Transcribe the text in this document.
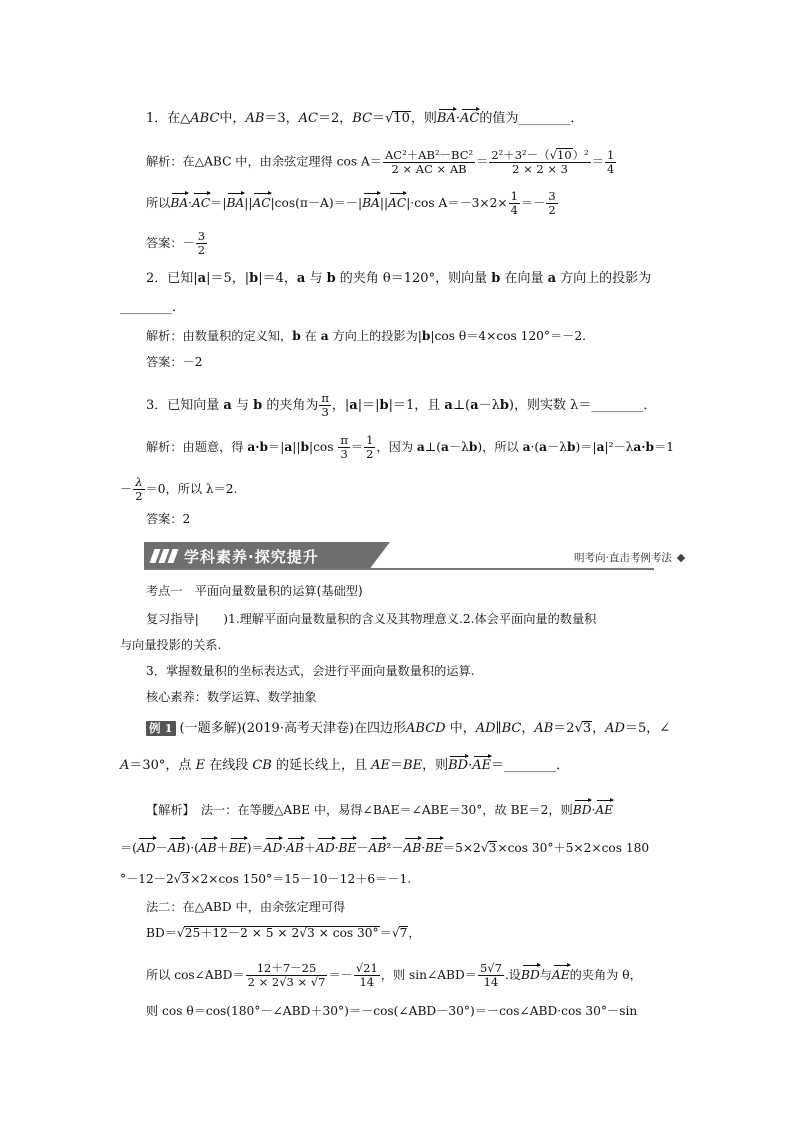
1．在△ABC中，AB＝3，AC＝2，BC＝√10，则BA·AC的值为________．
解析：在△ABC 中，由余弦定理得 $\cos A= \frac{\text{AC²＋AB²－BC²}}{2 \times AC \times AB} = \frac{\text{2²＋3²－（√10）²}}{2 \times 2 \times 3} = \frac{1}{4}$
所以BA·AC＝|BA||AC|cos(π－A)＝－|BA||AC|·cos $A=-3\times 2\times \frac{1}{4} =- \frac{3}{2}$
答案：－ $\frac{3}{2}$
2．已知|a|＝5，|b|＝4，a 与 b 的夹角 θ＝120°，则向量 b 在向量 a 方向上的投影为
________．
解析：由数量积的定义知，b 在 a 方向上的投影为|b|cos θ＝4×cos 120°＝－2.
答案：－2
3．已知向量 a 与 b 的夹角为 $\frac{\pi}{3}$ ，|a|＝|b|＝1，且 a⊥(a－λb)，则实数 λ＝________．
解析：由题意，得 $a\cdot b=|a||b|\cos \frac{\pi}{3} = \frac{1}{2}$ ，因为 a⊥(a－λb)，所以 a·(a－λb)＝|a|²－λa·b＝1
－ $\frac{\lambda}{2} =0$，所以 λ＝2.
答案：2
学科素养·探究提升	明考向·直击考例考法
考点一　平面向量数量积的运算(基础型)
复习指导|　　 )1.理解平面向量数量积的含义及其物理意义.2.体会平面向量的数量积
与向量投影的关系.
3．掌握数量积的坐标表达式，会进行平面向量数量积的运算.
核心素养：数学运算、数学抽象
例 1 (一题多解)(2019·高考天津卷)在四边形ABCD 中，AD∥BC，AB＝2√3，AD＝5，∠
A＝30°，点 E 在线段 CB 的延长线上，且 AE＝BE，则BD·AE＝________．
【解析】　法一：在等腰△ABE 中，易得∠BAE＝∠ABE＝30°，故 BE＝2，则BD·AE
＝(AD－AB)·(AB＋BE)＝AD·AB＋AD·BE－AB²－AB·BE＝5×2√3×cos 30°＋5×2×cos 180
°－12－2√3×2×cos 150°＝15－10－12＋6＝－1.
法二：在△ABD 中，由余弦定理可得
BD＝√25＋12－2 × 5 × 2√3 × cos 30°＝√7，
所以 cos∠ABD＝ $\frac{12+7-25}{2 \times 2√3 \times √7} =- \frac{√21}{14}$ ，则 sin∠ABD＝ $\frac{5√7}{14}$ .设BD与AE的夹角为 θ，
则 cos θ＝cos(180°－∠ABD＋30°)＝－cos(∠ABD－30°)＝－cos∠ABD·cos 30°－sin
